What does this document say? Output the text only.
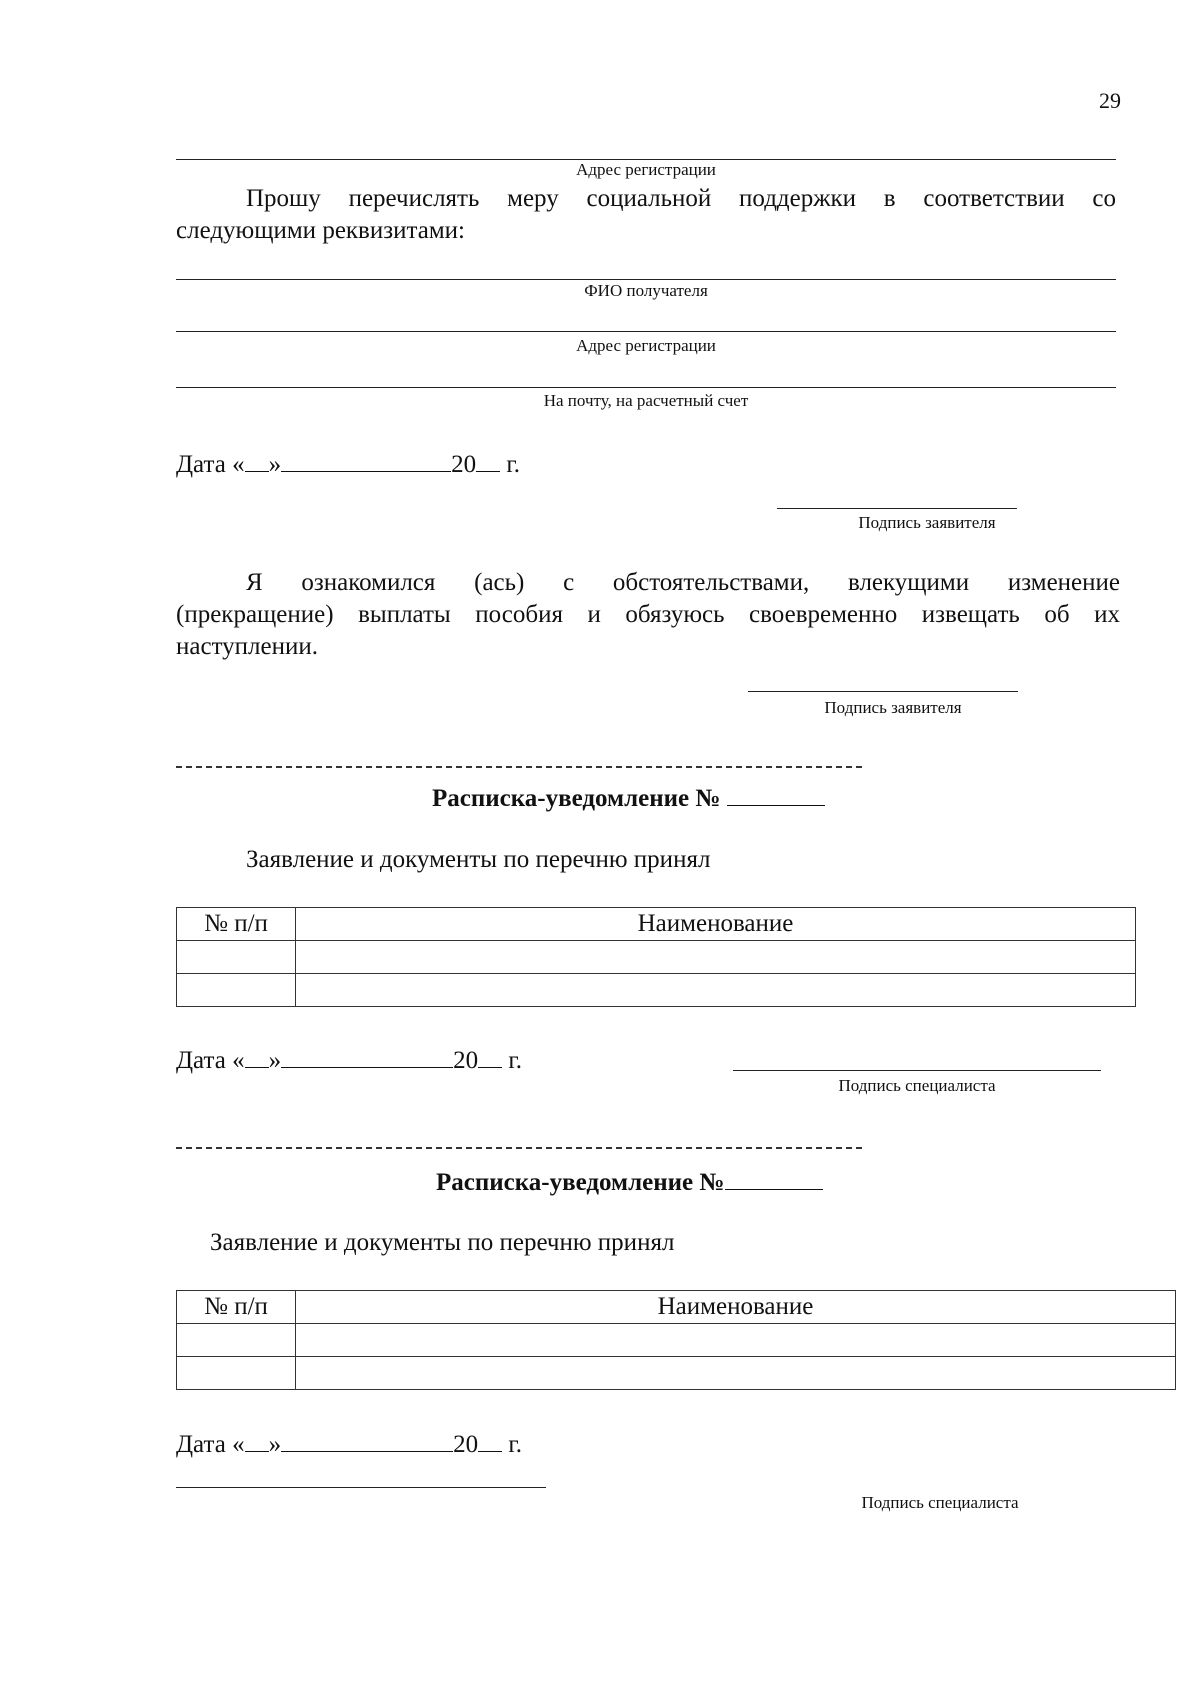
29
Адрес регистрации
Прошу перечислять меру социальной поддержки в соответствии со
следующими реквизитами:
ФИО получателя
Адрес регистрации
На почту, на расчетный счет
Дата « »	20 г.
Подпись заявителя
Я ознакомился (ась) с обстоятельствами, влекущими изменение
(прекращение) выплаты пособия и обязуюсь своевременно извещать об их
наступлении.
Подпись заявителя
Расписка-уведомление №
Заявление и документы по перечню принял
№ п/п	Наименование

Дата « »	20 г.
Подпись специалиста
Расписка-уведомление №
Заявление и документы по перечню принял
№ п/п	Наименование

Дата « »	20 г.
Подпись специалиста
